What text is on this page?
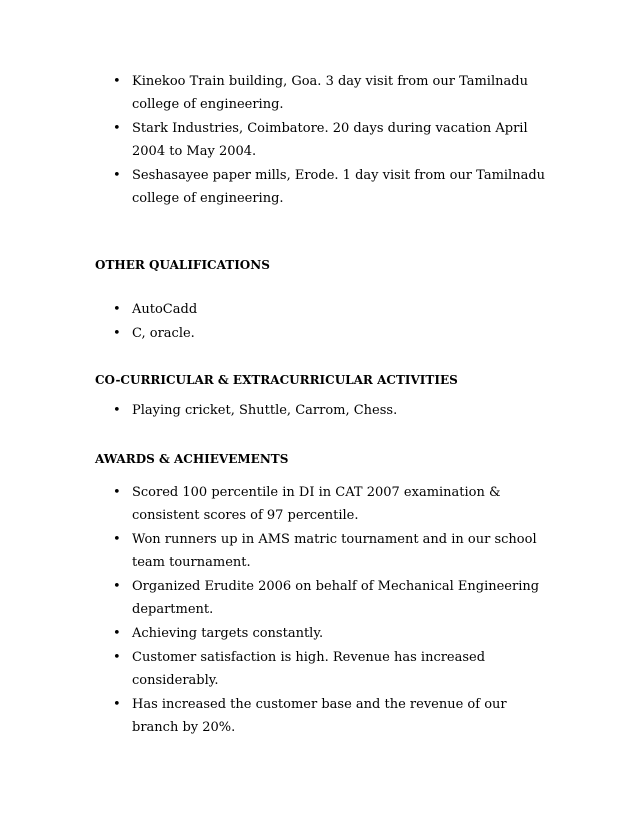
• Kinekoo Train building, Goa. 3 day visit from our Tamilnadu college of engineering.
• Stark Industries, Coimbatore. 20 days during vacation April 2004 to May 2004.
• Seshasayee paper mills, Erode. 1 day visit from our Tamilnadu college of engineering.
OTHER QUALIFICATIONS
• AutoCadd
• C, oracle.
CO-CURRICULAR & EXTRACURRICULAR ACTIVITIES
• Playing cricket, Shuttle, Carrom, Chess.
AWARDS & ACHIEVEMENTS
• Scored 100 percentile in DI in CAT 2007 examination & consistent scores of 97 percentile.
• Won runners up in AMS matric tournament and in our school team tournament.
• Organized Erudite 2006 on behalf of Mechanical Engineering department.
• Achieving targets constantly.
• Customer satisfaction is high. Revenue has increased considerably.
• Has increased the customer base and the revenue of our branch by 20%.
